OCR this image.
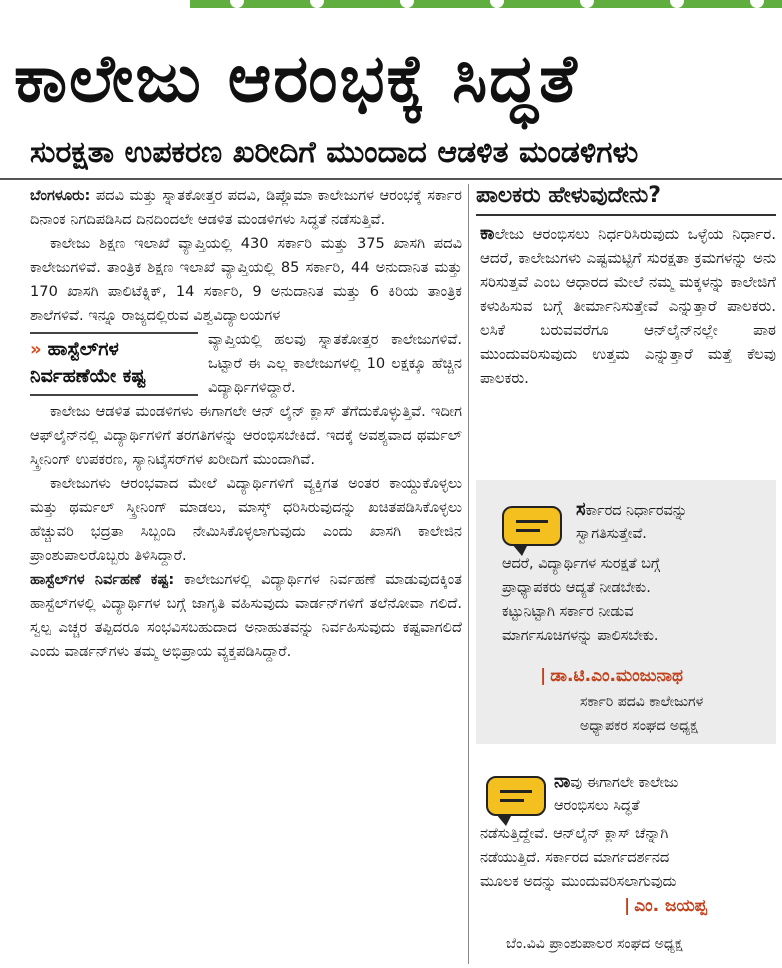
ಕಾಲೇಜು ಆರಂಭಕ್ಕೆ ಸಿದ್ಧತೆ
ಸುರಕ್ಷತಾ ಉಪಕರಣ ಖರೀದಿಗೆ ಮುಂದಾದ ಆಡಳಿತ ಮಂಡಳಿಗಳು

ಬೆಂಗಳೂರು: ಪದವಿ ಮತ್ತು ಸ್ನಾತಕೋತ್ತರ ಪದವಿ, ಡಿಪ್ಲೊಮಾ ಕಾಲೇಜುಗಳ ಆರಂಭಕ್ಕೆ ಸರ್ಕಾರ ದಿನಾಂಕ ನಿಗದಿಪಡಿಸಿದ ದಿನದಿಂದಲೇ ಆಡಳಿತ ಮಂಡಳಿಗಳು ಸಿದ್ಧತೆ ನಡೆಸುತ್ತಿವೆ.

ಕಾಲೇಜು ಶಿಕ್ಷಣ ಇಲಾಖೆ ವ್ಯಾಪ್ತಿಯಲ್ಲಿ 430 ಸರ್ಕಾರಿ ಮತ್ತು 375 ಖಾಸಗಿ ಪದವಿ ಕಾಲೇಜುಗಳಿವೆ. ತಾಂತ್ರಿಕ ಶಿಕ್ಷಣ ಇಲಾಖೆ ವ್ಯಾಪ್ತಿಯಲ್ಲಿ 85 ಸರ್ಕಾರಿ, 44 ಅನುದಾನಿತ ಮತ್ತು 170 ಖಾಸಗಿ ಪಾಲಿಟೆಕ್ನಿಕ್, 14 ಸರ್ಕಾರಿ, 9 ಅನುದಾನಿತ ಮತ್ತು 6 ಕಿರಿಯ ತಾಂತ್ರಿಕ ಶಾಲೆಗಳಿವೆ. ಇನ್ನೂ ರಾಜ್ಯದಲ್ಲಿರುವ ವಿಶ್ವವಿದ್ಯಾಲಯಗಳ

» ಹಾಸ್ಟೆಲ್‌ಗಳ ನಿರ್ವಹಣೆಯೇ ಕಷ್ಟ

ವ್ಯಾಪ್ತಿಯಲ್ಲಿ ಹಲವು ಸ್ನಾತಕೋತ್ತರ ಕಾಲೇಜುಗಳಿವೆ. ಒಟ್ಟಾರೆ ಈ ಎಲ್ಲ ಕಾಲೇಜುಗಳಲ್ಲಿ 10 ಲಕ್ಷಕ್ಕೂ ಹೆಚ್ಚಿನ ವಿದ್ಯಾರ್ಥಿಗಳಿದ್ದಾರೆ.

ಕಾಲೇಜು ಆಡಳಿತ ಮಂಡಳಿಗಳು ಈಗಾಗಲೇ ಆನ್ ಲೈನ್ ಕ್ಲಾಸ್ ತೆಗೆದುಕೊಳ್ಳುತ್ತಿವೆ. ಇದೀಗ ಆಫ್‌ಲೈನ್‌ನಲ್ಲಿ ವಿದ್ಯಾರ್ಥಿಗಳಿಗೆ ತರಗತಿಗಳನ್ನು ಆರಂಭಿಸಬೇಕಿದೆ. ಇದಕ್ಕೆ ಅವಶ್ಯವಾದ ಥರ್ಮಲ್ ಸ್ಕ್ರೀನಿಂಗ್ ಉಪಕರಣ, ಸ್ಯಾನಿಟೈಸರ್‌ಗಳ ಖರೀದಿಗೆ ಮುಂದಾಗಿವೆ.

ಕಾಲೇಜುಗಳು ಆರಂಭವಾದ ಮೇಲೆ ವಿದ್ಯಾರ್ಥಿಗಳಿಗೆ ವ್ಯಕ್ತಿಗತ ಅಂತರ ಕಾಯ್ದುಕೊಳ್ಳಲು ಮತ್ತು ಥರ್ಮಲ್ ಸ್ಕ್ರೀನಿಂಗ್ ಮಾಡಲು, ಮಾಸ್ಕ್ ಧರಿಸಿರುವುದನ್ನು ಖಚಿತಪಡಿಸಿಕೊಳ್ಳಲು ಹೆಚ್ಚುವರಿ ಭದ್ರತಾ ಸಿಬ್ಬಂದಿ ನೇಮಿಸಿಕೊಳ್ಳಲಾಗುವುದು ಎಂದು ಖಾಸಗಿ ಕಾಲೇಜಿನ ಪ್ರಾಂಶುಪಾಲರೊಬ್ಬರು ತಿಳಿಸಿದ್ದಾರೆ.

ಹಾಸ್ಟೆಲ್‌ಗಳ ನಿರ್ವಹಣೆ ಕಷ್ಟ: ಕಾಲೇಜುಗಳಲ್ಲಿ ವಿದ್ಯಾರ್ಥಿಗಳ ನಿರ್ವಹಣೆ ಮಾಡುವುದಕ್ಕಿಂತ ಹಾಸ್ಟೆಲ್‌ಗಳಲ್ಲಿ ವಿದ್ಯಾರ್ಥಿಗಳ ಬಗ್ಗೆ ಜಾಗೃತಿ ವಹಿಸುವುದು ವಾರ್ಡನ್‌ಗಳಿಗೆ ತಲೆನೋವಾ ಗಲಿದೆ. ಸ್ವಲ್ಪ ಎಚ್ಚರ ತಪ್ಪಿದರೂ ಸಂಭವಿಸಬಹುದಾದ ಅನಾಹುತವನ್ನು ನಿರ್ವಹಿಸುವುದು ಕಷ್ಟವಾಗಲಿದೆ ಎಂದು ವಾರ್ಡನ್‌ಗಳು ತಮ್ಮ ಅಭಿಪ್ರಾಯ ವ್ಯಕ್ತಪಡಿಸಿದ್ದಾರೆ.

ಪಾಲಕರು ಹೇಳುವುದೇನು?
ಕಾಲೇಜು ಆರಂಭಿಸಲು ನಿರ್ಧರಿಸಿರುವುದು ಒಳ್ಳೆಯ ನಿರ್ಧಾರ. ಆದರೆ, ಕಾಲೇಜುಗಳು ಎಷ್ಟಮಟ್ಟಿಗೆ ಸುರಕ್ಷತಾ ಕ್ರಮಗಳನ್ನು ಅನು ಸರಿಸುತ್ತವೆ ಎಂಬ ಆಧಾರದ ಮೇಲೆ ನಮ್ಮ ಮಕ್ಕಳನ್ನು ಕಾಲೇಜಿಗೆ ಕಳುಹಿಸುವ ಬಗ್ಗೆ ತೀರ್ಮಾನಿಸುತ್ತೇವೆ ಎನ್ನುತ್ತಾರೆ ಪಾಲಕರು. ಲಸಿಕೆ ಬರುವವರೆಗೂ ಆನ್‌ಲೈನ್‌ನಲ್ಲೇ ಪಾಠ ಮುಂದುವರಿಸುವುದು ಉತ್ತಮ ಎನ್ನುತ್ತಾರೆ ಮತ್ತೆ ಕೆಲವು ಪಾಲಕರು.
ಸರ್ಕಾರದ ನಿರ್ಧಾರವನ್ನು
ಸ್ವಾಗತಿಸುತ್ತೇವೆ.
ಆದರೆ, ವಿದ್ಯಾರ್ಥಿಗಳ ಸುರಕ್ಷತೆ ಬಗ್ಗೆ
ಪ್ರಾಧ್ಯಾಪಕರು ಆದ್ಯತೆ ನೀಡಬೇಕು.
ಕಟ್ಟುನಿಟ್ಟಾಗಿ ಸರ್ಕಾರ ನೀಡುವ
ಮಾರ್ಗಸೂಚಿಗಳನ್ನು ಪಾಲಿಸಬೇಕು.
| ಡಾ.ಟಿ.ಎಂ.ಮಂಜುನಾಥ
ಸರ್ಕಾರಿ ಪದವಿ ಕಾಲೇಜುಗಳ
ಅಧ್ಯಾಪಕರ ಸಂಘದ ಅಧ್ಯಕ್ಷ
ನಾವು ಈಗಾಗಲೇ ಕಾಲೇಜು
ಆರಂಭಿಸಲು ಸಿದ್ಧತೆ
ನಡೆಸುತ್ತಿದ್ದೇವೆ. ಆನ್‌ಲೈನ್ ಕ್ಲಾಸ್ ಚೆನ್ನಾಗಿ
ನಡೆಯುತ್ತಿದೆ. ಸರ್ಕಾರದ ಮಾರ್ಗದರ್ಶನದ
ಮೂಲಕ ಅದನ್ನು ಮುಂದುವರಿಸಲಾಗುವುದು
| ಎಂ. ಜಯಪ್ಪ
ಬೆಂ.ವಿವಿ ಪ್ರಾಂಶುಪಾಲರ ಸಂಘದ ಅಧ್ಯಕ್ಷ
